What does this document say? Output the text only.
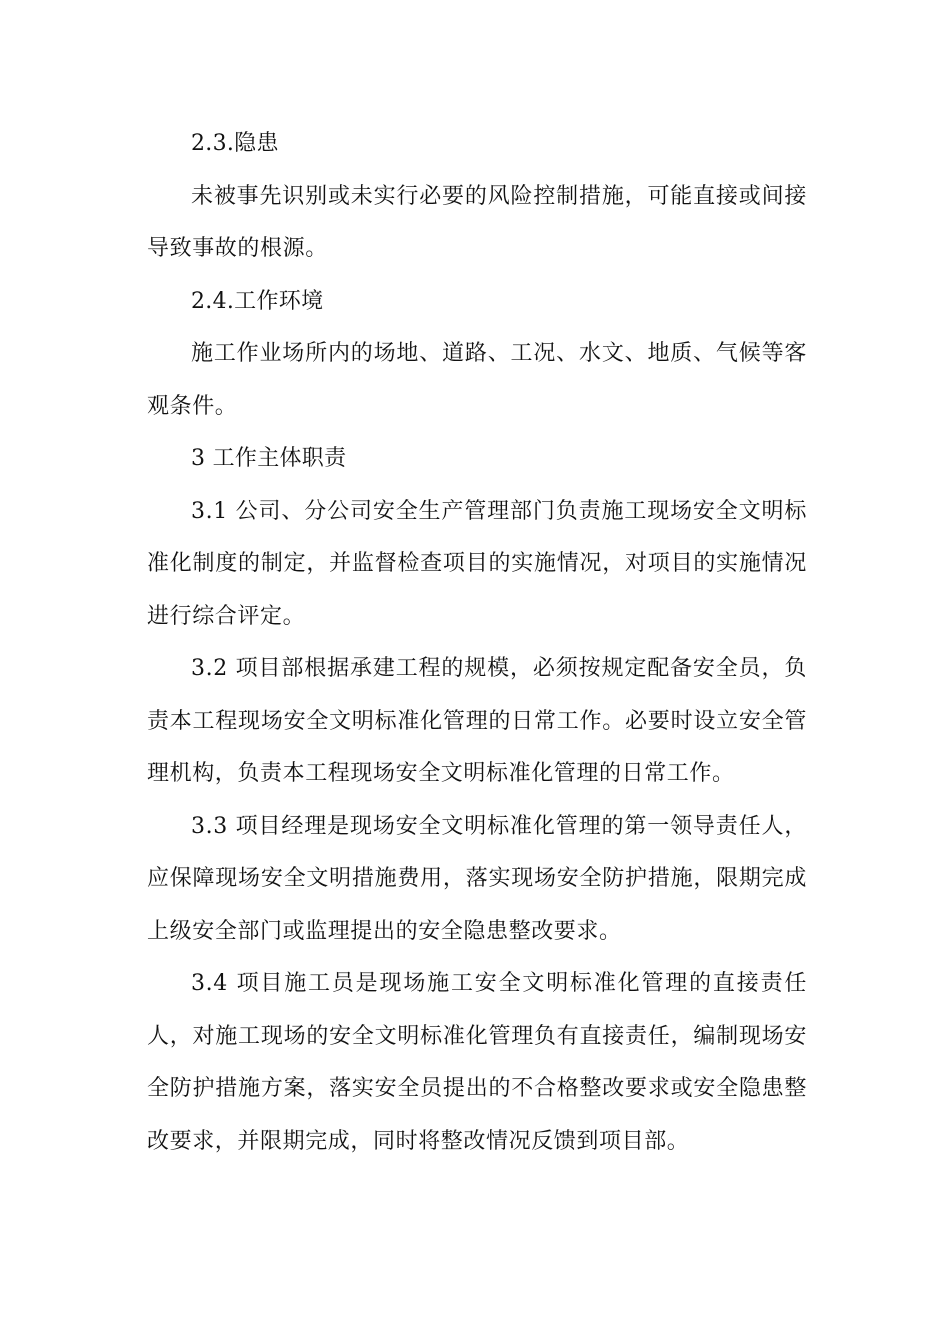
2.3.隐患

未被事先识别或未实行必要的风险控制措施，可能直接或间接导致事故的根源。

2.4.工作环境

施工作业场所内的场地、道路、工况、水文、地质、气候等客观条件。

3 工作主体职责

3.1 公司、分公司安全生产管理部门负责施工现场安全文明标准化制度的制定，并监督检查项目的实施情况，对项目的实施情况进行综合评定。

3.2 项目部根据承建工程的规模，必须按规定配备安全员，负责本工程现场安全文明标准化管理的日常工作。必要时设立安全管理机构，负责本工程现场安全文明标准化管理的日常工作。

3.3 项目经理是现场安全文明标准化管理的第一领导责任人，应保障现场安全文明措施费用，落实现场安全防护措施，限期完成上级安全部门或监理提出的安全隐患整改要求。

3.4 项目施工员是现场施工安全文明标准化管理的直接责任人，对施工现场的安全文明标准化管理负有直接责任，编制现场安全防护措施方案，落实安全员提出的不合格整改要求或安全隐患整改要求，并限期完成，同时将整改情况反馈到项目部。
